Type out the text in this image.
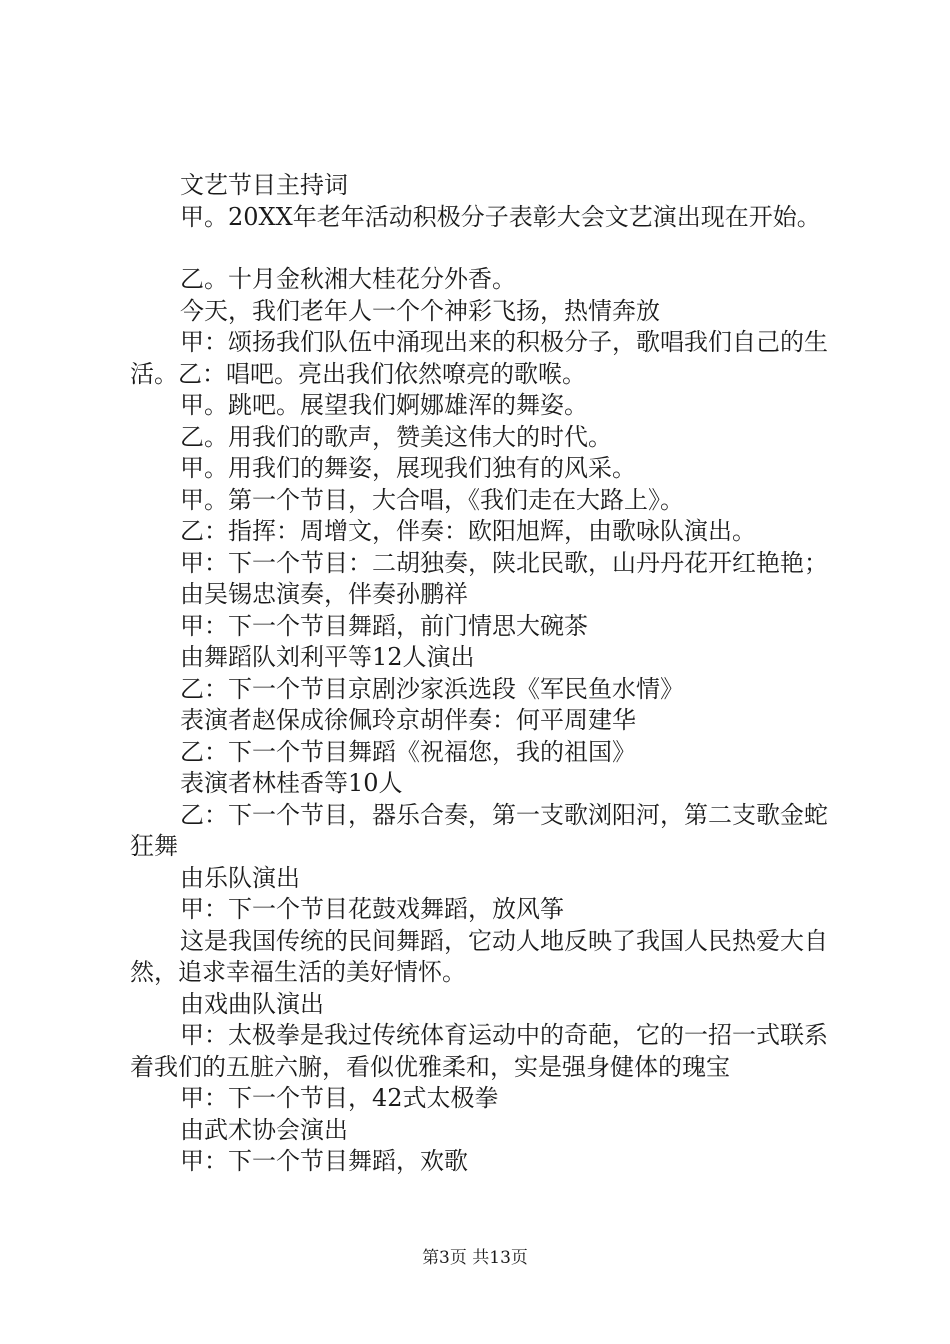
文艺节目主持词

甲。20XX年老年活动积极分子表彰大会文艺演出现在开始。

乙。十月金秋湘大桂花分外香。

今天，我们老年人一个个神彩飞扬，热情奔放

甲：颂扬我们队伍中涌现出来的积极分子，歌唱我们自己的生活。乙：唱吧。亮出我们依然嘹亮的歌喉。

甲。跳吧。展望我们婀娜雄浑的舞姿。

乙。用我们的歌声，赞美这伟大的时代。

甲。用我们的舞姿，展现我们独有的风采。

甲。第一个节目，大合唱，《我们走在大路上》。

乙：指挥：周增文，伴奏：欧阳旭辉，由歌咏队演出。

甲：下一个节目：二胡独奏，陕北民歌，山丹丹花开红艳艳；

由吴锡忠演奏，伴奏孙鹏祥

甲：下一个节目舞蹈，前门情思大碗茶

由舞蹈队刘利平等12人演出

乙：下一个节目京剧沙家浜选段《军民鱼水情》

表演者赵保成徐佩玲京胡伴奏：何平周建华

乙：下一个节目舞蹈《祝福您，我的祖国》

表演者林桂香等10人

乙：下一个节目，器乐合奏，第一支歌浏阳河，第二支歌金蛇狂舞

由乐队演出

甲：下一个节目花鼓戏舞蹈，放风筝

这是我国传统的民间舞蹈，它动人地反映了我国人民热爱大自然，追求幸福生活的美好情怀。

由戏曲队演出

甲：太极拳是我过传统体育运动中的奇葩，它的一招一式联系着我们的五脏六腑，看似优雅柔和，实是强身健体的瑰宝

甲：下一个节目，42式太极拳

由武术协会演出

甲：下一个节目舞蹈，欢歌

第3页 共13页
